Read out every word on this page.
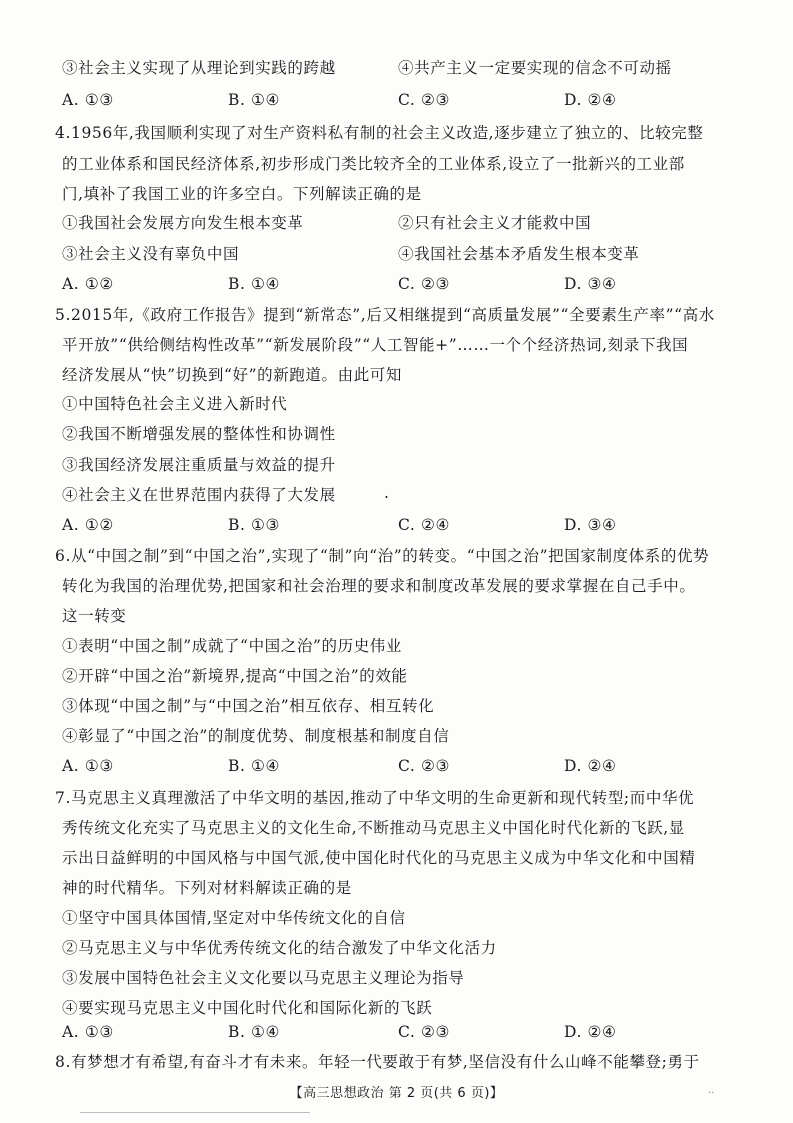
③社会主义实现了从理论到实践的跨越	④共产主义一定要实现的信念不可动摇
A. ①③	B. ①④	C. ②③	D. ②④
4.1956年,我国顺利实现了对生产资料私有制的社会主义改造,逐步建立了独立的、比较完整
的工业体系和国民经济体系,初步形成门类比较齐全的工业体系,设立了一批新兴的工业部
门,填补了我国工业的许多空白。下列解读正确的是
①我国社会发展方向发生根本变革	②只有社会主义才能救中国
③社会主义没有辜负中国	④我国社会基本矛盾发生根本变革
A. ①②	B. ①④	C. ②③	D. ③④
5.2015年,《政府工作报告》提到“新常态”,后又相继提到“高质量发展”“全要素生产率”“高水
平开放”“供给侧结构性改革”“新发展阶段”“人工智能+”……一个个经济热词,刻录下我国
经济发展从“快”切换到“好”的新跑道。由此可知
①中国特色社会主义进入新时代
②我国不断增强发展的整体性和协调性
③我国经济发展注重质量与效益的提升
④社会主义在世界范围内获得了大发展	.
A. ①②	B. ①③	C. ②④	D. ③④
6.从“中国之制”到“中国之治”,实现了“制”向“治”的转变。“中国之治”把国家制度体系的优势
转化为我国的治理优势,把国家和社会治理的要求和制度改革发展的要求掌握在自己手中。
这一转变
①表明“中国之制”成就了“中国之治”的历史伟业
②开辟“中国之治”新境界,提高“中国之治”的效能
③体现“中国之制”与“中国之治”相互依存、相互转化
④彰显了“中国之治”的制度优势、制度根基和制度自信
A. ①③	B. ①④	C. ②③	D. ②④
7.马克思主义真理激活了中华文明的基因,推动了中华文明的生命更新和现代转型;而中华优
秀传统文化充实了马克思主义的文化生命,不断推动马克思主义中国化时代化新的飞跃,显
示出日益鲜明的中国风格与中国气派,使中国化时代化的马克思主义成为中华文化和中国精
神的时代精华。下列对材料解读正确的是
①坚守中国具体国情,坚定对中华传统文化的自信
②马克思主义与中华优秀传统文化的结合激发了中华文化活力
③发展中国特色社会主义文化要以马克思主义理论为指导
④要实现马克思主义中国化时代化和国际化新的飞跃
A. ①③	B. ①④	C. ②③	D. ②④
【高三思想政治 第 2 页(共 6 页)】	··
8.有梦想才有希望,有奋斗才有未来。年轻一代要敢于有梦,坚信没有什么山峰不能攀登;勇于
